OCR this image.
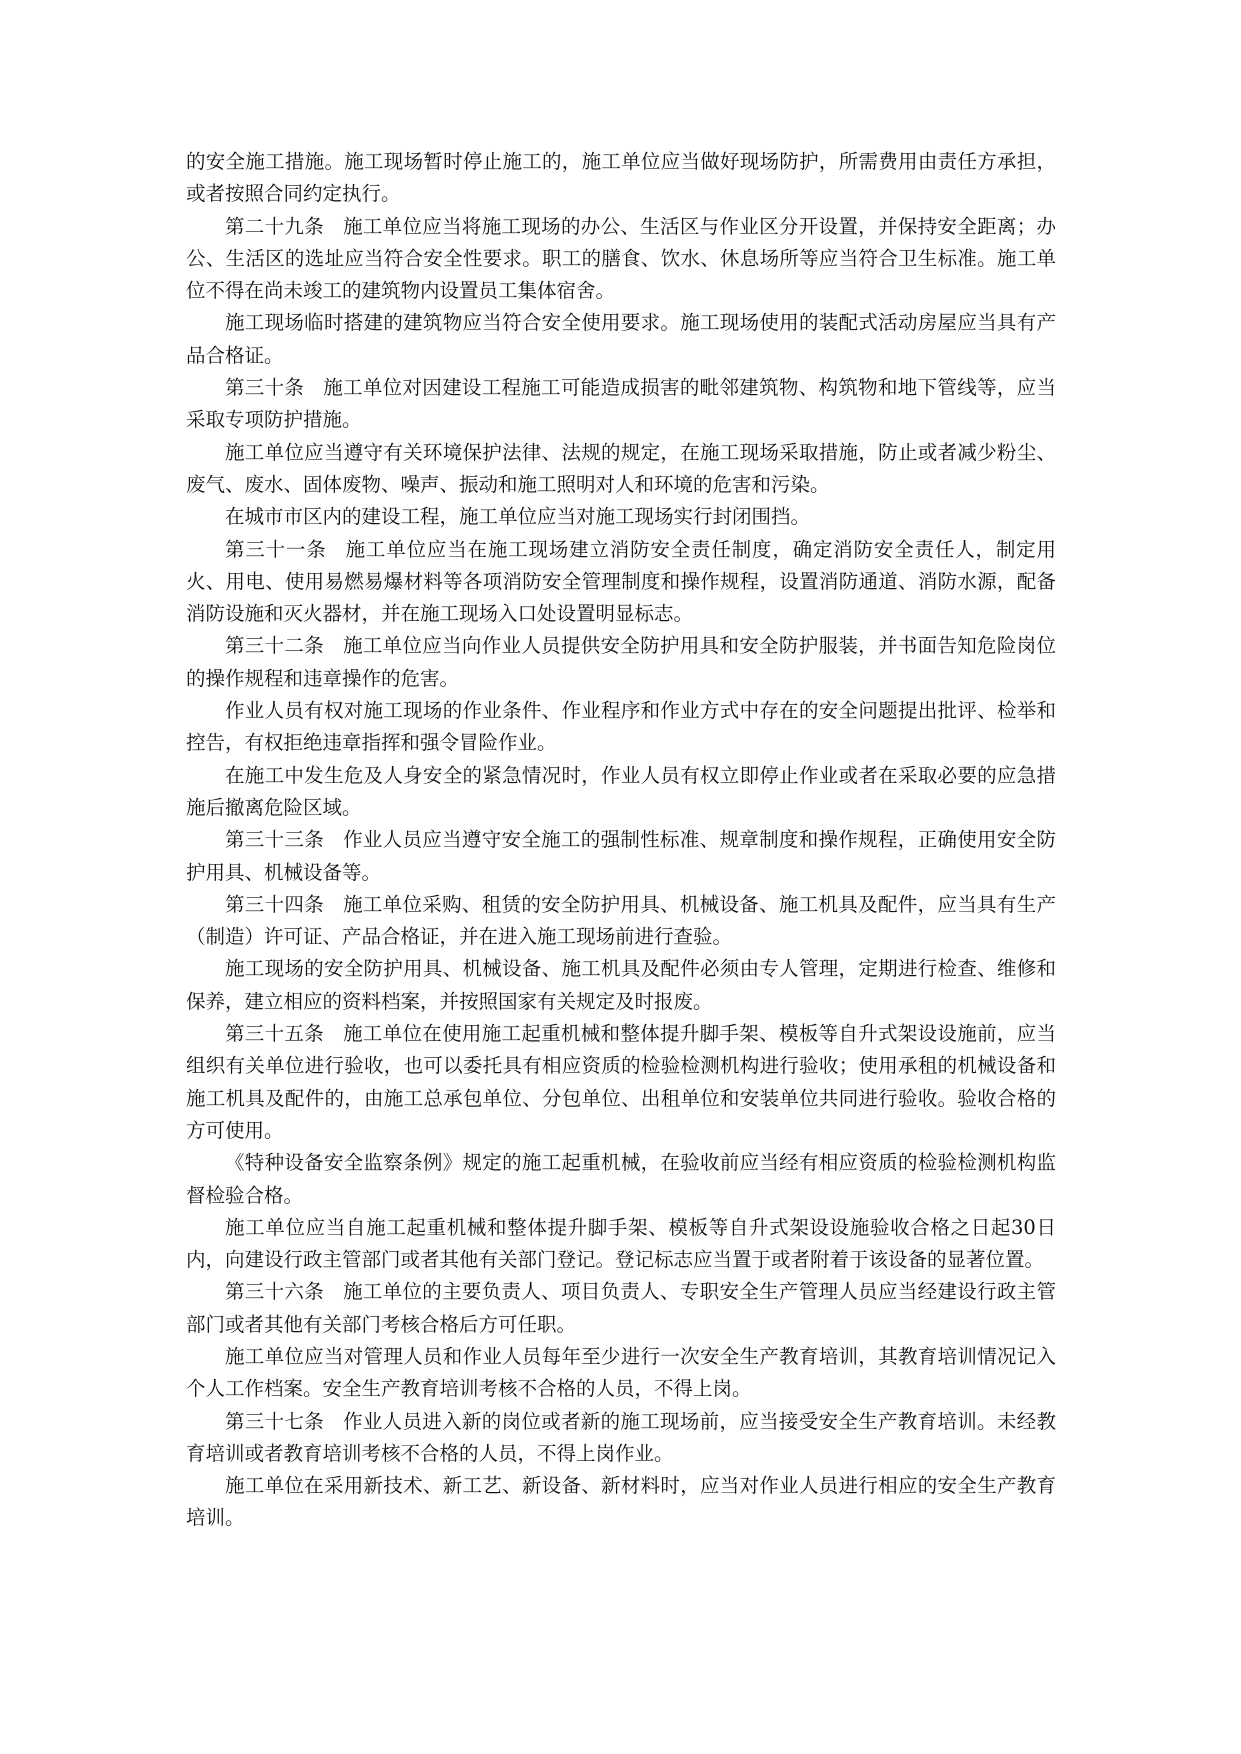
的安全施工措施。施工现场暂时停止施工的，施工单位应当做好现场防护，所需费用由责任方承担，或者按照合同约定执行。

第二十九条 施工单位应当将施工现场的办公、生活区与作业区分开设置，并保持安全距离；办公、生活区的选址应当符合安全性要求。职工的膳食、饮水、休息场所等应当符合卫生标准。施工单位不得在尚未竣工的建筑物内设置员工集体宿舍。

施工现场临时搭建的建筑物应当符合安全使用要求。施工现场使用的装配式活动房屋应当具有产品合格证。

第三十条 施工单位对因建设工程施工可能造成损害的毗邻建筑物、构筑物和地下管线等，应当采取专项防护措施。

施工单位应当遵守有关环境保护法律、法规的规定，在施工现场采取措施，防止或者减少粉尘、废气、废水、固体废物、噪声、振动和施工照明对人和环境的危害和污染。

在城市市区内的建设工程，施工单位应当对施工现场实行封闭围挡。

第三十一条 施工单位应当在施工现场建立消防安全责任制度，确定消防安全责任人，制定用火、用电、使用易燃易爆材料等各项消防安全管理制度和操作规程，设置消防通道、消防水源，配备消防设施和灭火器材，并在施工现场入口处设置明显标志。

第三十二条 施工单位应当向作业人员提供安全防护用具和安全防护服装，并书面告知危险岗位的操作规程和违章操作的危害。

作业人员有权对施工现场的作业条件、作业程序和作业方式中存在的安全问题提出批评、检举和控告，有权拒绝违章指挥和强令冒险作业。

在施工中发生危及人身安全的紧急情况时，作业人员有权立即停止作业或者在采取必要的应急措施后撤离危险区域。

第三十三条 作业人员应当遵守安全施工的强制性标准、规章制度和操作规程，正确使用安全防护用具、机械设备等。

第三十四条 施工单位采购、租赁的安全防护用具、机械设备、施工机具及配件，应当具有生产（制造）许可证、产品合格证，并在进入施工现场前进行查验。

施工现场的安全防护用具、机械设备、施工机具及配件必须由专人管理，定期进行检查、维修和保养，建立相应的资料档案，并按照国家有关规定及时报废。

第三十五条 施工单位在使用施工起重机械和整体提升脚手架、模板等自升式架设设施前，应当组织有关单位进行验收，也可以委托具有相应资质的检验检测机构进行验收；使用承租的机械设备和施工机具及配件的，由施工总承包单位、分包单位、出租单位和安装单位共同进行验收。验收合格的方可使用。

《特种设备安全监察条例》规定的施工起重机械，在验收前应当经有相应资质的检验检测机构监督检验合格。

施工单位应当自施工起重机械和整体提升脚手架、模板等自升式架设设施验收合格之日起30日内，向建设行政主管部门或者其他有关部门登记。登记标志应当置于或者附着于该设备的显著位置。

第三十六条 施工单位的主要负责人、项目负责人、专职安全生产管理人员应当经建设行政主管部门或者其他有关部门考核合格后方可任职。

施工单位应当对管理人员和作业人员每年至少进行一次安全生产教育培训，其教育培训情况记入个人工作档案。安全生产教育培训考核不合格的人员，不得上岗。

第三十七条 作业人员进入新的岗位或者新的施工现场前，应当接受安全生产教育培训。未经教育培训或者教育培训考核不合格的人员，不得上岗作业。

施工单位在采用新技术、新工艺、新设备、新材料时，应当对作业人员进行相应的安全生产教育培训。
